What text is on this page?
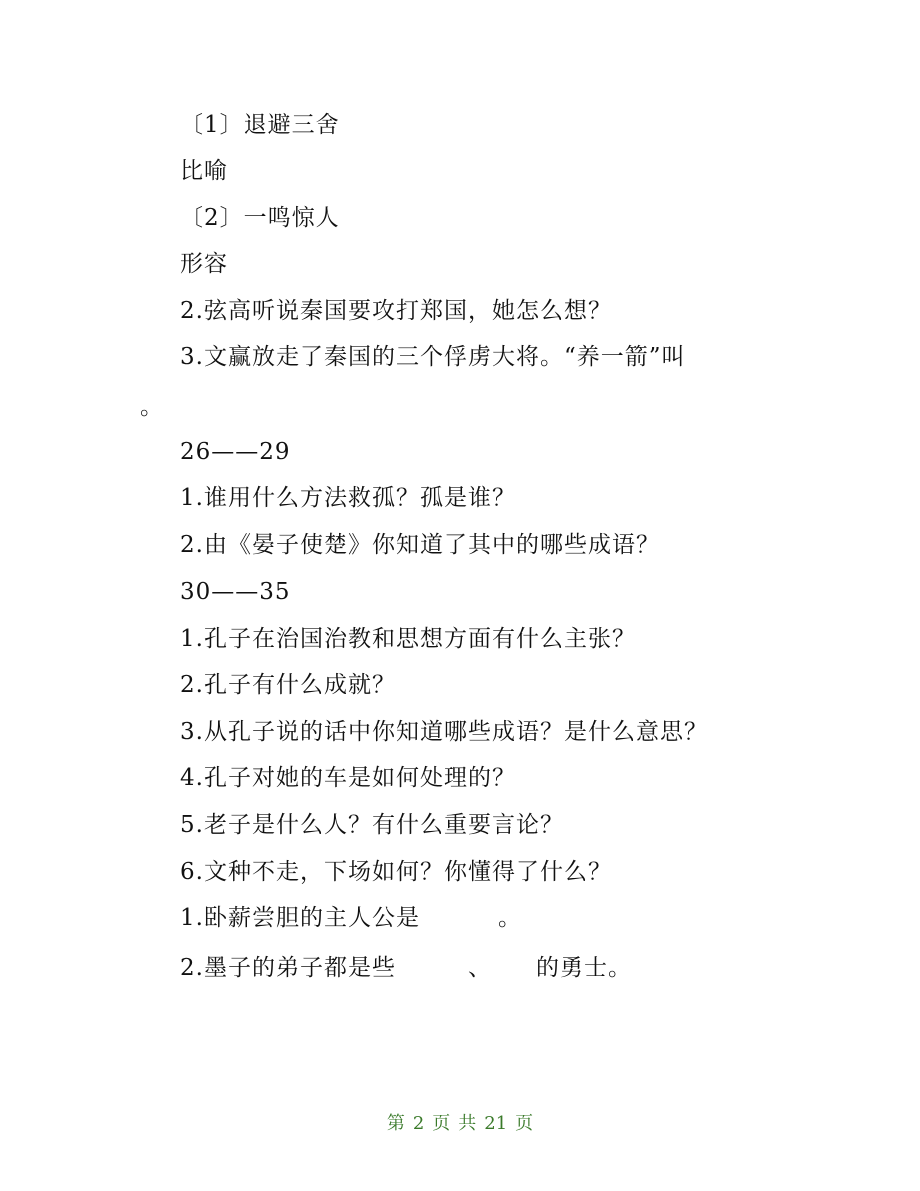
〔1〕退避三舍
比喻
〔2〕一鸣惊人
形容
2.弦高听说秦国要攻打郑国，她怎么想？
3.文赢放走了秦国的三个俘虏大将。“养一箭”叫
。
26——29
1.谁用什么方法救孤？孤是谁？
2.由《晏子使楚》你知道了其中的哪些成语？
30——35
1.孔子在治国治教和思想方面有什么主张？
2.孔子有什么成就？
3.从孔子说的话中你知道哪些成语？是什么意思？
4.孔子对她的车是如何处理的？
5.老子是什么人？有什么重要言论？
6.文种不走，下场如何？你懂得了什么？
1.卧薪尝胆的主人公是	。
2.墨子的弟子都是些	、 的勇士。
第 2 页 共 21 页
